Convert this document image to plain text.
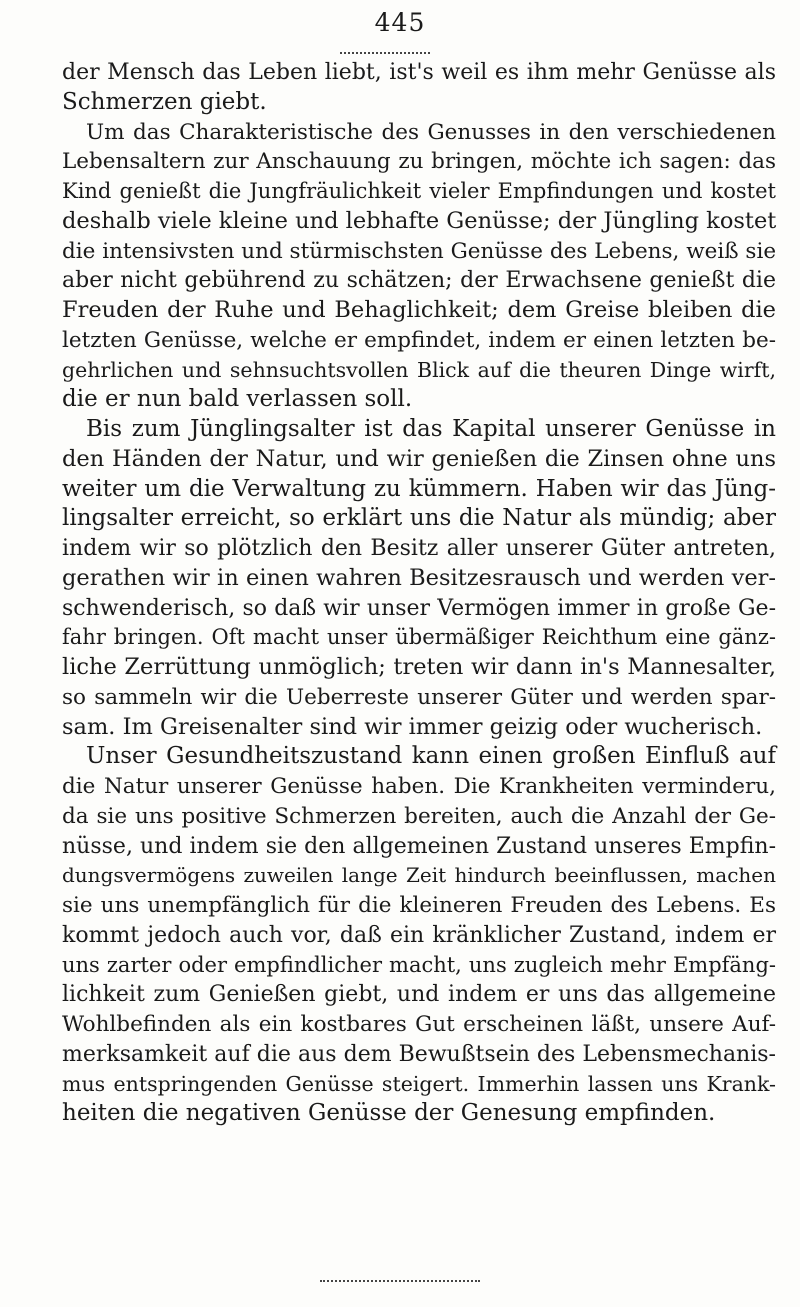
445
der Mensch das Leben liebt, ist's weil es ihm mehr Genüsse als
Schmerzen giebt.
Um das Charakteristische des Genusses in den verschiedenen
Lebensaltern zur Anschauung zu bringen, möchte ich sagen: das
Kind genießt die Jungfräulichkeit vieler Empfindungen und kostet
deshalb viele kleine und lebhafte Genüsse; der Jüngling kostet
die intensivsten und stürmischsten Genüsse des Lebens, weiß sie
aber nicht gebührend zu schätzen; der Erwachsene genießt die
Freuden der Ruhe und Behaglichkeit; dem Greise bleiben die
letzten Genüsse, welche er empfindet, indem er einen letzten be-
gehrlichen und sehnsuchtsvollen Blick auf die theuren Dinge wirft,
die er nun bald verlassen soll.
Bis zum Jünglingsalter ist das Kapital unserer Genüsse in
den Händen der Natur, und wir genießen die Zinsen ohne uns
weiter um die Verwaltung zu kümmern. Haben wir das Jüng-
lingsalter erreicht, so erklärt uns die Natur als mündig; aber
indem wir so plötzlich den Besitz aller unserer Güter antreten,
gerathen wir in einen wahren Besitzesrausch und werden ver-
schwenderisch, so daß wir unser Vermögen immer in große Ge-
fahr bringen. Oft macht unser übermäßiger Reichthum eine gänz-
liche Zerrüttung unmöglich; treten wir dann in's Mannesalter,
so sammeln wir die Ueberreste unserer Güter und werden spar-
sam. Im Greisenalter sind wir immer geizig oder wucherisch.
Unser Gesundheitszustand kann einen großen Einfluß auf
die Natur unserer Genüsse haben. Die Krankheiten verminderu,
da sie uns positive Schmerzen bereiten, auch die Anzahl der Ge-
nüsse, und indem sie den allgemeinen Zustand unseres Empfin-
dungsvermögens zuweilen lange Zeit hindurch beeinflussen, machen
sie uns unempfänglich für die kleineren Freuden des Lebens. Es
kommt jedoch auch vor, daß ein kränklicher Zustand, indem er
uns zarter oder empfindlicher macht, uns zugleich mehr Empfäng-
lichkeit zum Genießen giebt, und indem er uns das allgemeine
Wohlbefinden als ein kostbares Gut erscheinen läßt, unsere Auf-
merksamkeit auf die aus dem Bewußtsein des Lebensmechanis-
mus entspringenden Genüsse steigert. Immerhin lassen uns Krank-
heiten die negativen Genüsse der Genesung empfinden.
